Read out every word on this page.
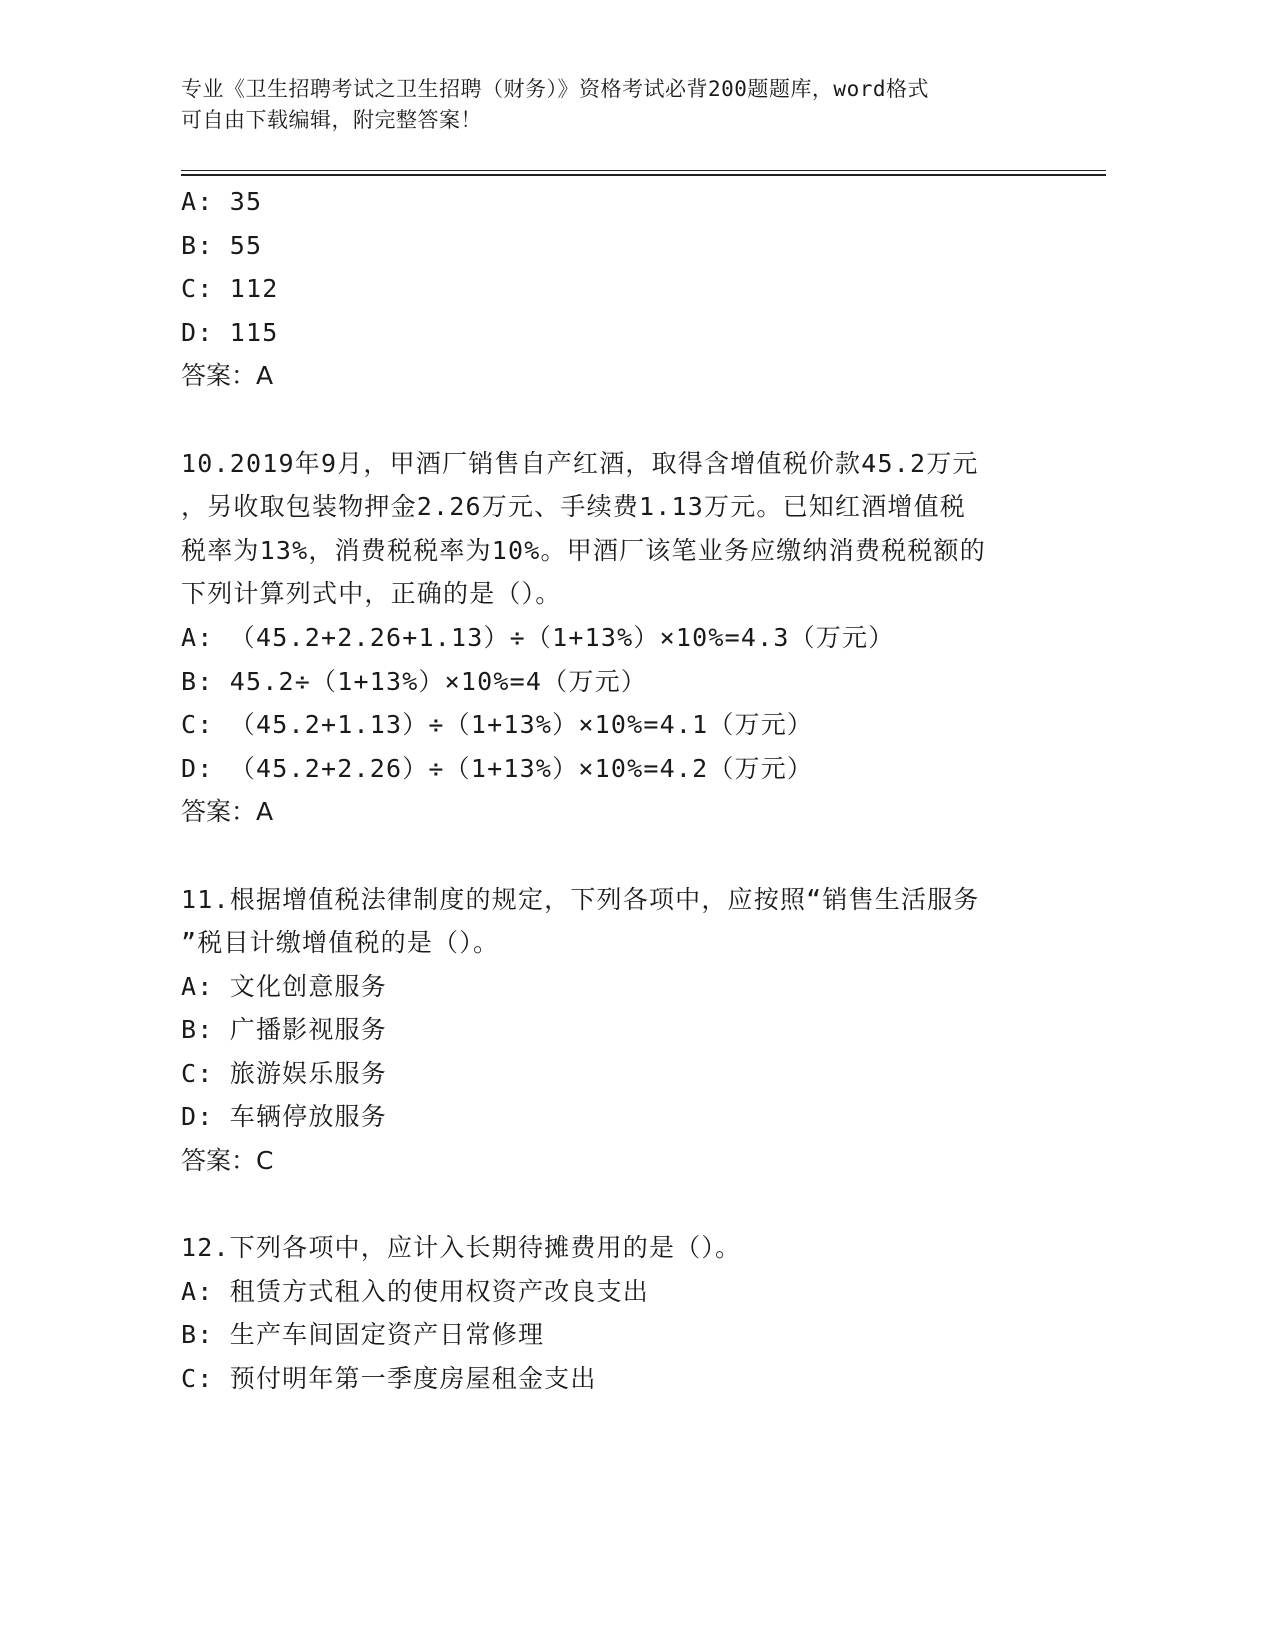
专业《卫生招聘考试之卫生招聘（财务）》资格考试必背200题题库，word格式
可自由下载编辑，附完整答案！
A: 35
B: 55
C: 112
D: 115
答案：A
10.2019年9月，甲酒厂销售自产红酒，取得含增值税价款45.2万元
，另收取包装物押金2.26万元、手续费1.13万元。已知红酒增值税
税率为13%，消费税税率为10%。甲酒厂该笔业务应缴纳消费税税额的
下列计算列式中，正确的是（）。
A: （45.2+2.26+1.13）÷（1+13%）×10%=4.3（万元）
B: 45.2÷（1+13%）×10%=4（万元）
C: （45.2+1.13）÷（1+13%）×10%=4.1（万元）
D: （45.2+2.26）÷（1+13%）×10%=4.2（万元）
答案：A
11.根据增值税法律制度的规定，下列各项中，应按照“销售生活服务
”税目计缴增值税的是（）。
A: 文化创意服务
B: 广播影视服务
C: 旅游娱乐服务
D: 车辆停放服务
答案：C
12.下列各项中，应计入长期待摊费用的是（）。
A: 租赁方式租入的使用权资产改良支出
B: 生产车间固定资产日常修理
C: 预付明年第一季度房屋租金支出
